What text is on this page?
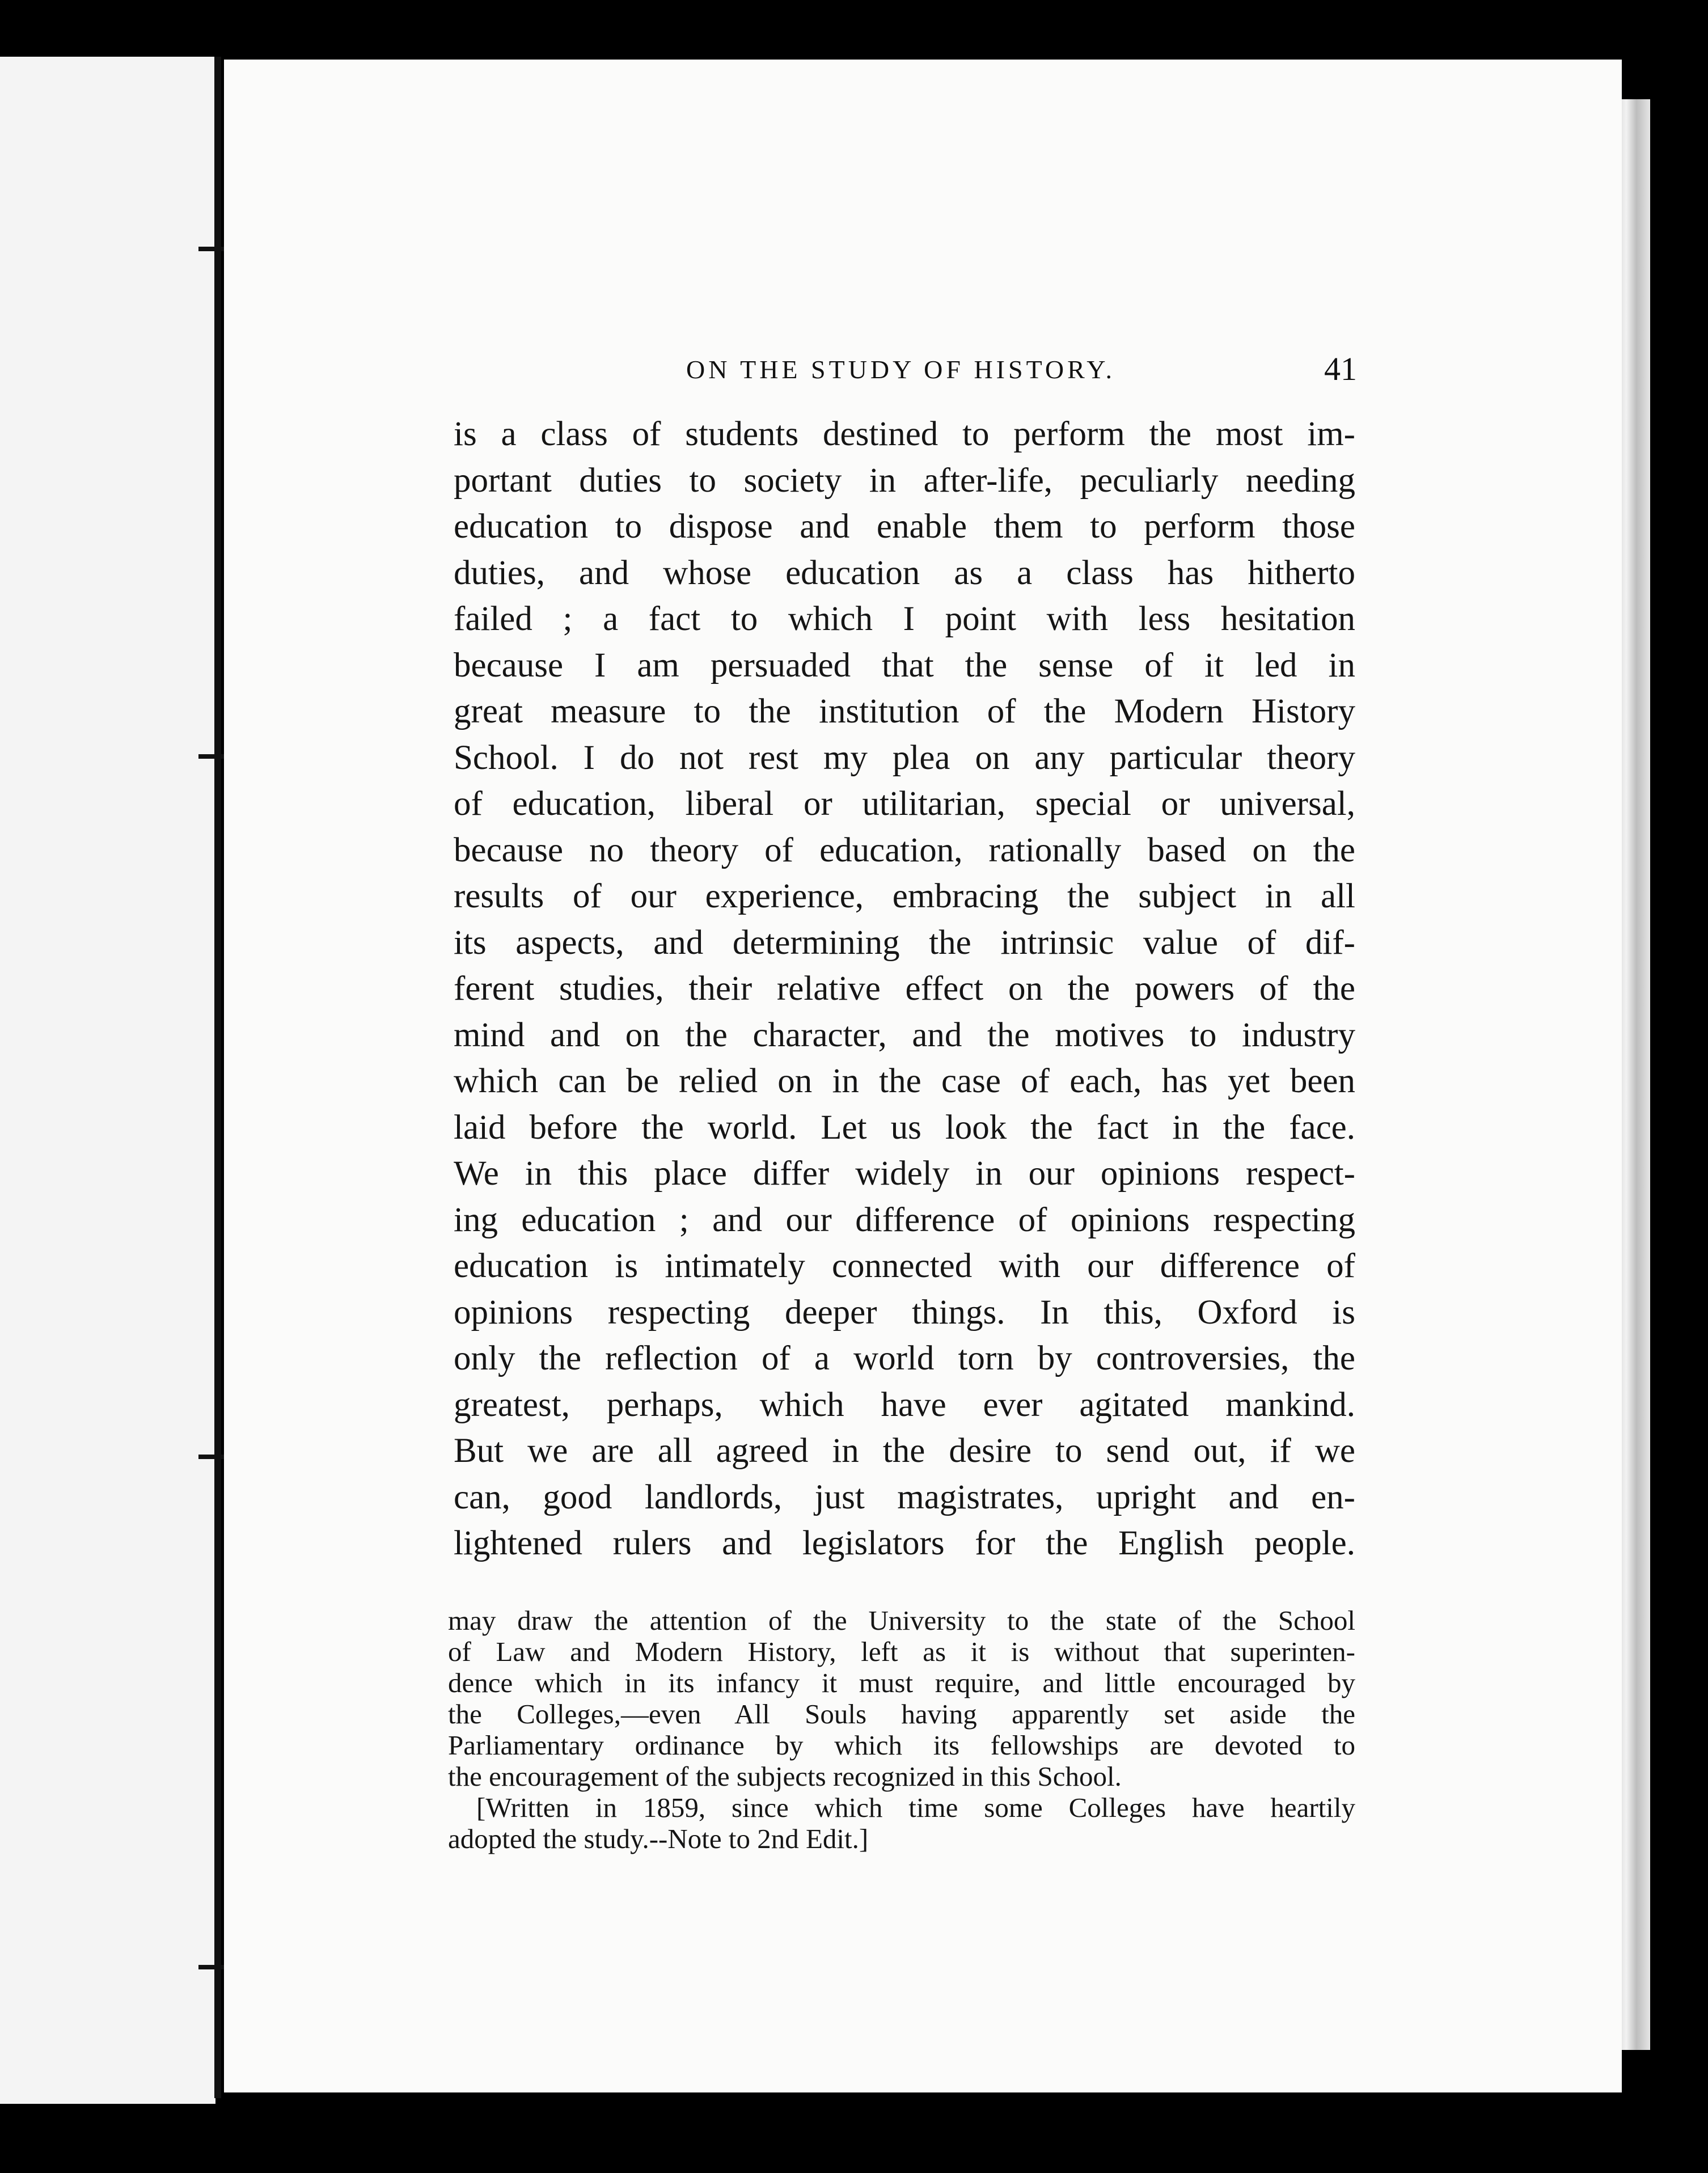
ON THE STUDY OF HISTORY.	41
is a class of students destined to perform the most im-
portant duties to society in after-life, peculiarly needing
education to dispose and enable them to perform those
duties, and whose education as a class has hitherto
failed ; a fact to which I point with less hesitation
because I am persuaded that the sense of it led in
great measure to the institution of the Modern History
School. I do not rest my plea on any particular theory
of education, liberal or utilitarian, special or universal,
because no theory of education, rationally based on the
results of our experience, embracing the subject in all
its aspects, and determining the intrinsic value of dif-
ferent studies, their relative effect on the powers of the
mind and on the character, and the motives to industry
which can be relied on in the case of each, has yet been
laid before the world. Let us look the fact in the face.
We in this place differ widely in our opinions respect-
ing education ; and our difference of opinions respecting
education is intimately connected with our difference of
opinions respecting deeper things. In this, Oxford is
only the reflection of a world torn by controversies, the
greatest, perhaps, which have ever agitated mankind.
But we are all agreed in the desire to send out, if we
can, good landlords, just magistrates, upright and en-
lightened rulers and legislators for the English people.
may draw the attention of the University to the state of the School
of Law and Modern History, left as it is without that superinten-
dence which in its infancy it must require, and little encouraged by
the Colleges,—even All Souls having apparently set aside the
Parliamentary ordinance by which its fellowships are devoted to
the encouragement of the subjects recognized in this School.
[Written in 1859, since which time some Colleges have heartily
adopted the study.--Note to 2nd Edit.]
